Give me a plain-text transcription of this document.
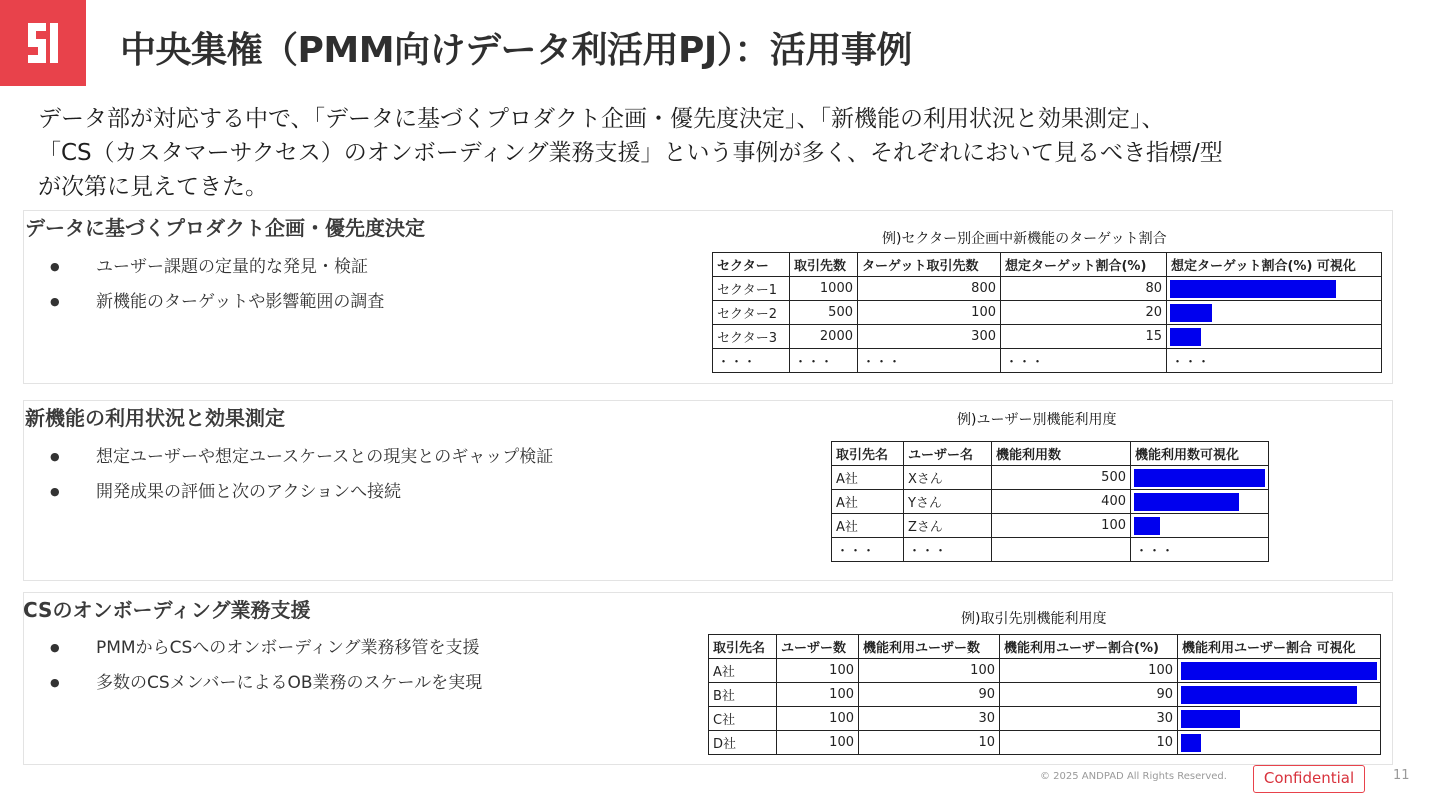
中央集権（PMM向けデータ利活用PJ）：活用事例
データ部が対応する中で、「データに基づくプロダクト企画・優先度決定」、「新機能の利用状況と効果測定」、
「CS（カスタマーサクセス）のオンボーディング業務支援」という事例が多く、それぞれにおいて見るべき指標/型
が次第に見えてきた。
データに基づくプロダクト企画・優先度決定
● ユーザー課題の定量的な発見・検証
● 新機能のターゲットや影響範囲の調査
例)セクター別企画中新機能のターゲット割合
セクター	取引先数	ターゲット取引先数	想定ターゲット割合(%)	想定ターゲット割合(%) 可視化
セクター1	1000	800	80	

セクター2	500	100	20	

セクター3	2000	300	15	

・・・	・・・	・・・	・・・	・・・
新機能の利用状況と効果測定
● 想定ユーザーや想定ユースケースとの現実とのギャップ検証
● 開発成果の評価と次のアクションへ接続
例)ユーザー別機能利用度
取引先名	ユーザー名	機能利用数	機能利用数可視化
A社	Xさん	500	

A社	Yさん	400	

A社	Zさん	100	

・・・	・・・		・・・
CSのオンボーディング業務支援
● PMMからCSへのオンボーディング業務移管を支援
● 多数のCSメンバーによるOB業務のスケールを実現
例)取引先別機能利用度
取引先名	ユーザー数	機能利用ユーザー数	機能利用ユーザー割合(%)	機能利用ユーザー割合 可視化
A社	100	100	100	

B社	100	90	90	

C社	100	30	30	

D社	100	10	10	
© 2025 ANDPAD All Rights Reserved.	Confidential	11
